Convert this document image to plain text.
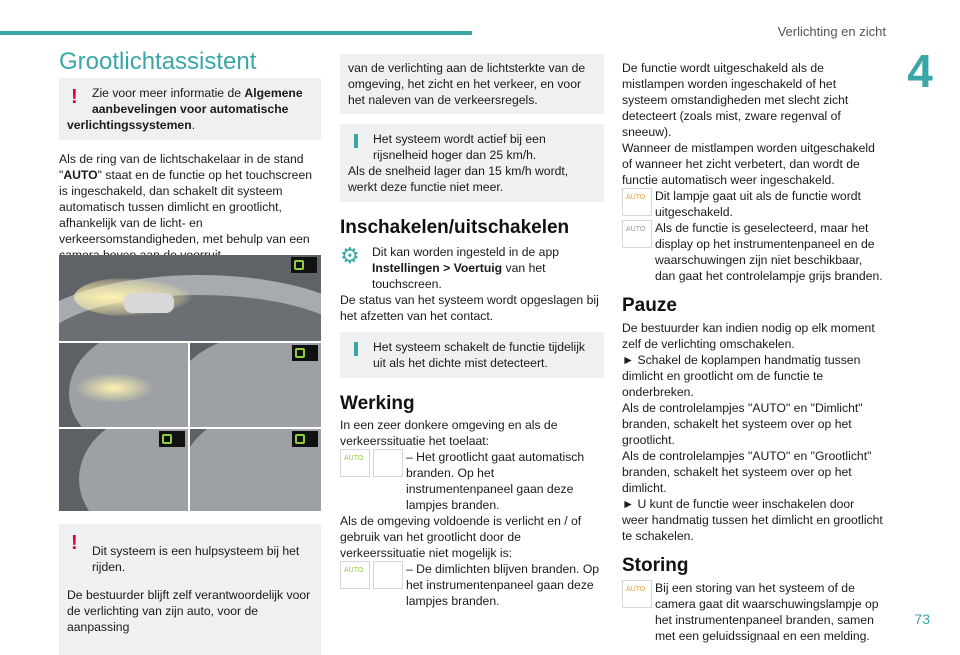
Verlichting en zicht
4
73
Grootlichtassistent
!	Zie voor meer informatie de Algemene
aanbevelingen voor automatische

verlichtingssystemen.

Als de ring van de lichtschakelaar in de stand "AUTO" staat en de functie op het touchscreen is ingeschakeld, dan schakelt dit systeem automatisch tussen dimlicht en grootlicht, afhankelijk van de licht- en verkeersomstandigheden, met behulp van een

!	Dit systeem is een hulpsysteem bij het
rijden.

De bestuurder blijft zelf verantwoordelijk voor de verlichting van zijn auto, voor de aanpassing

van de verlichting aan de lichtsterkte van de omgeving, het zicht en het verkeer, en voor het naleven van de verkeersregels.

Het systeem wordt actief bij een rijsnelheid hoger dan 25 km/h.

Als de snelheid lager dan 15 km/h wordt, werkt deze functie niet meer.

Inschakelen/uitschakelen
⚙	Dit kan worden ingesteld in de app
Instellingen > Voertuig van het touchscreen.

De status van het systeem wordt opgeslagen bij het afzetten van het contact.

Het systeem schakelt de functie tijdelijk uit als het dichte mist detecteert.

Werking

In een zeer donkere omgeving en als de verkeerssituatie het toelaat:

AUTO	– Het grootlicht gaat automatisch branden. Op het instrumentenpaneel gaan deze lampjes branden.

Als de omgeving voldoende is verlicht en / of gebruik van het grootlicht door de verkeerssituatie niet mogelijk is:

AUTO	– De dimlichten blijven branden. Op het instrumentenpaneel gaan deze lampjes branden.

De functie wordt uitgeschakeld als de mistlampen worden ingeschakeld of het systeem omstandigheden met slecht zicht detecteert (zoals mist, zware regenval of sneeuw).

Wanneer de mistlampen worden uitgeschakeld of wanneer het zicht verbetert, dan wordt de functie automatisch weer ingeschakeld.

AUTO Dit lampje gaat uit als de functie wordt uitgeschakeld.

AUTO Als de functie is geselecteerd, maar het display op het instrumentenpaneel en de waarschuwingen zijn niet beschikbaar, dan gaat het controlelampje grijs branden.

Pauze

De bestuurder kan indien nodig op elk moment zelf de verlichting omschakelen.

► Schakel de koplampen handmatig tussen dimlicht en grootlicht om de functie te onderbreken.

Als de controlelampjes "AUTO" en "Dimlicht" branden, schakelt het systeem over op het grootlicht.

Als de controlelampjes "AUTO" en "Grootlicht" branden, schakelt het systeem over op het dimlicht.

► U kunt de functie weer inschakelen door weer handmatig tussen het dimlicht en grootlicht te schakelen.

Storing
AUTO Bij een storing van het systeem of de camera gaat dit waarschuwingslampje op het instrumentenpaneel branden, samen met een geluidssignaal en een melding.
